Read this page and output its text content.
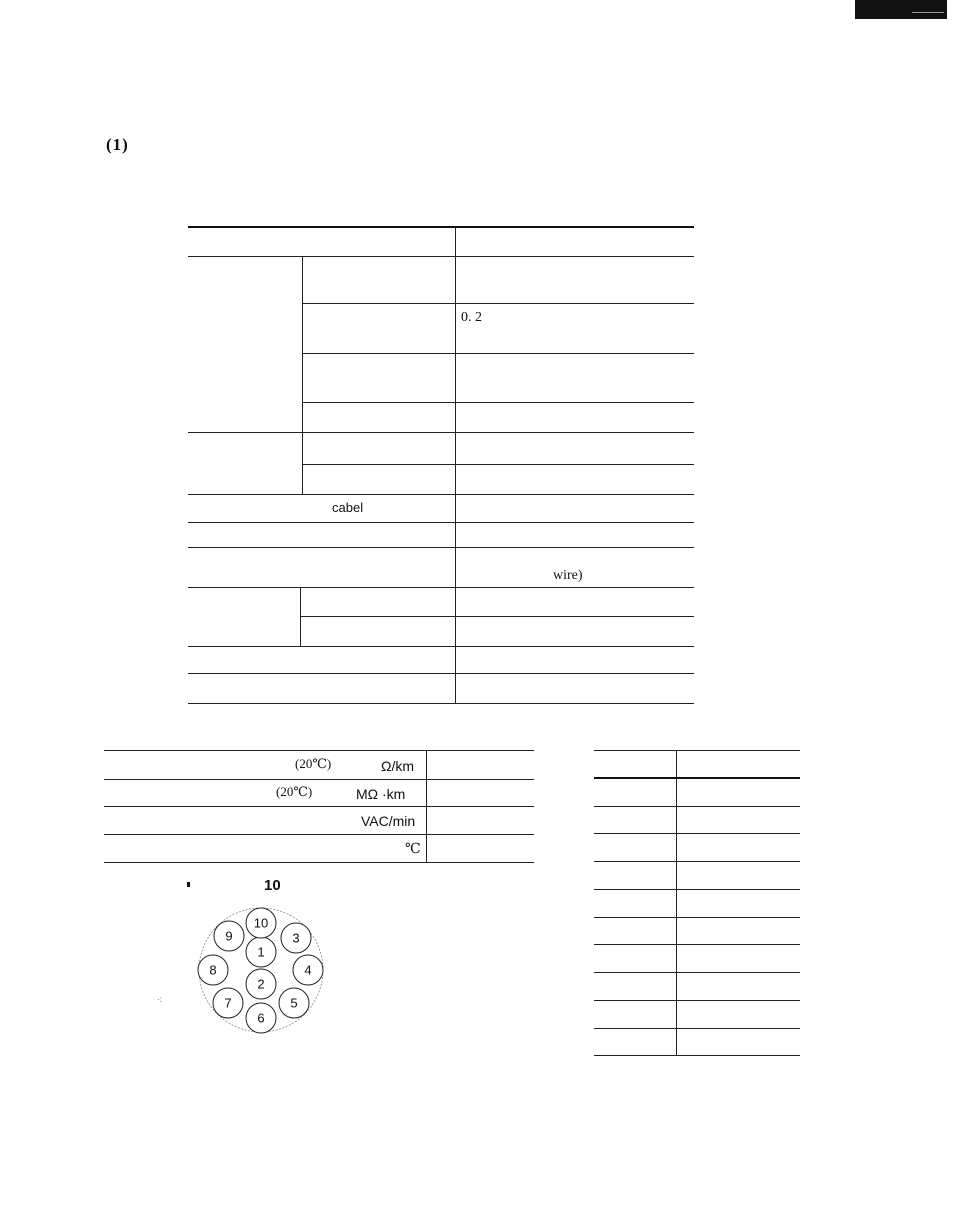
(1)
0. 2
cabel
wire)
(20℃)	Ω/km
(20℃)	MΩ ·km
VAC/min
℃
10
·:
1
2
3
4
5
6
7
8
9
10
